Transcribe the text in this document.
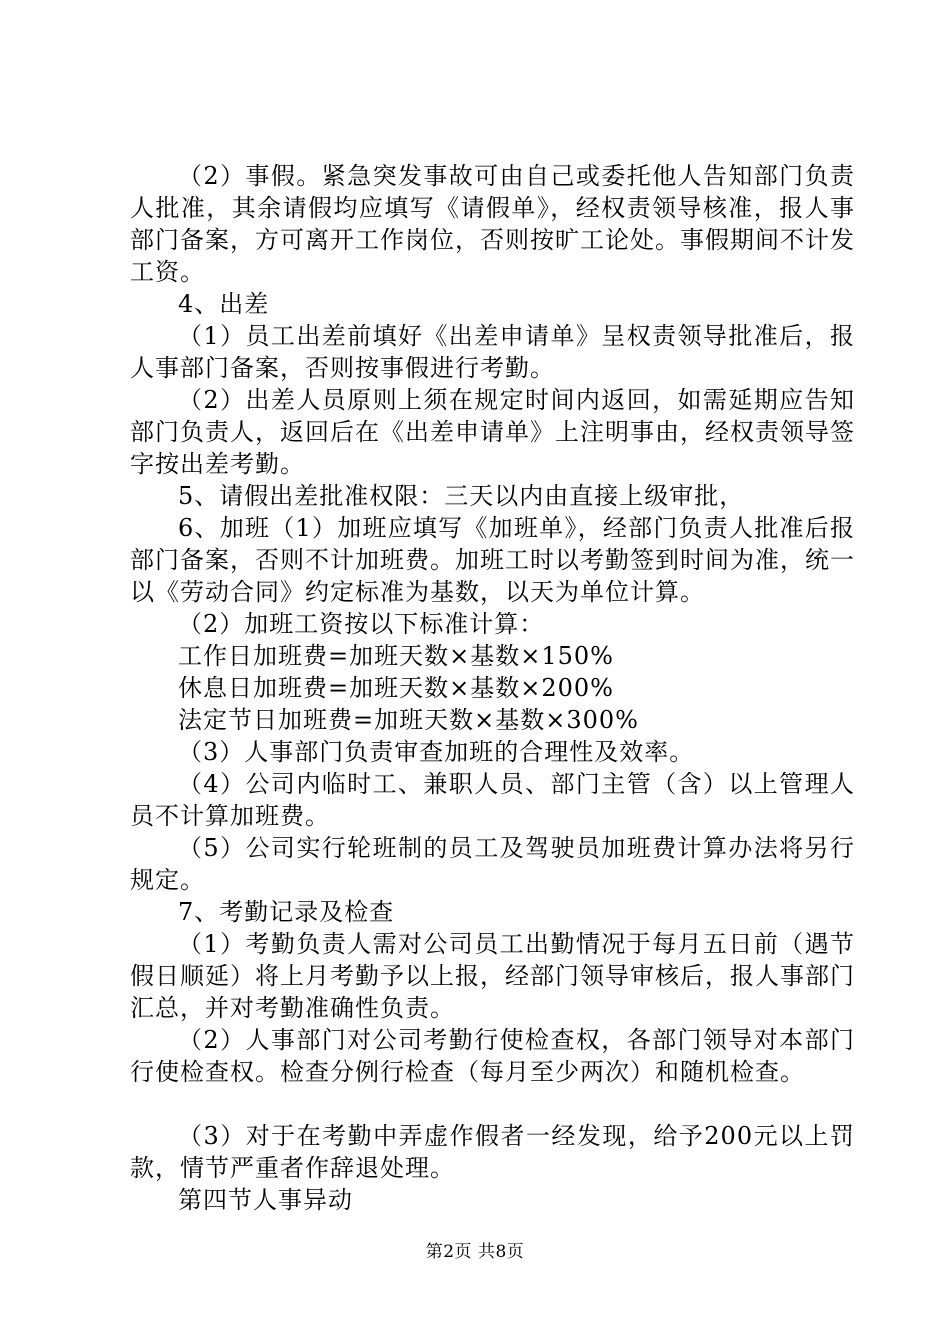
（2）事假。紧急突发事故可由自己或委托他人告知部门负责人批准，其余请假均应填写《请假单》，经权责领导核准，报人事部门备案，方可离开工作岗位，否则按旷工论处。事假期间不计发工资。

4、出差

（1）员工出差前填好《出差申请单》呈权责领导批准后，报人事部门备案，否则按事假进行考勤。

（2）出差人员原则上须在规定时间内返回，如需延期应告知部门负责人，返回后在《出差申请单》上注明事由，经权责领导签字按出差考勤。

5、请假出差批准权限：三天以内由直接上级审批，

6、加班（1）加班应填写《加班单》，经部门负责人批准后报部门备案，否则不计加班费。加班工时以考勤签到时间为准，统一以《劳动合同》约定标准为基数，以天为单位计算。

（2）加班工资按以下标准计算：

工作日加班费=加班天数×基数×150%

休息日加班费=加班天数×基数×200%

法定节日加班费=加班天数×基数×300%

（3）人事部门负责审查加班的合理性及效率。

（4）公司内临时工、兼职人员、部门主管（含）以上管理人员不计算加班费。

（5）公司实行轮班制的员工及驾驶员加班费计算办法将另行规定。

7、考勤记录及检查

（1）考勤负责人需对公司员工出勤情况于每月五日前（遇节假日顺延）将上月考勤予以上报，经部门领导审核后，报人事部门汇总，并对考勤准确性负责。

（2）人事部门对公司考勤行使检查权，各部门领导对本部门行使检查权。检查分例行检查（每月至少两次）和随机检查。

（3）对于在考勤中弄虚作假者一经发现，给予200元以上罚款，情节严重者作辞退处理。

第四节人事异动

第2页 共8页
